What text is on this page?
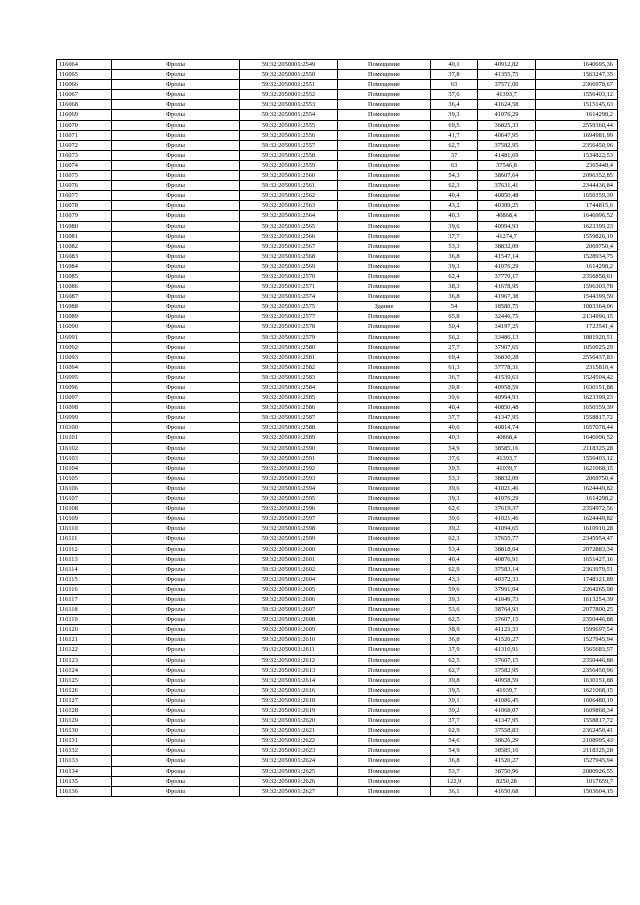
116064	Фролы	59:32:2050001:2549	Помещение	40,1	40912,82	1640695,36
116065	Фролы	59:32:2050001:2550	Помещение	37,8	41355,75	1563247,35
116066	Фролы	59:32:2050001:2551	Помещение	63	37571,00	2366978,67
116067	Фролы	59:32:2050001:2552	Помещение	37,6	41393,7	1556403,12
116068	Фролы	59:32:2050001:2553	Помещение	36,4	41624,58	1515145,63
116069	Фролы	59:32:2050001:2554	Помещение	39,3	41076,29	1614298,2
116070	Фролы	59:32:2050001:2555	Помещение	69,5	36825,33	2559360,44
116071	Фролы	59:32:2050001:2556	Помещение	41,7	40647,95	1694981,99
116072	Фролы	59:32:2050001:2557	Помещение	62,7	37582,95	2356450,96
116073	Фролы	59:32:2050001:2558	Помещение	37	41481,69	1534822,53
116074	Фролы	59:32:2050001:2559	Помещение	63	37546,8	2365448,4
116075	Фролы	59:32:2050001:2560	Помещение	54,3	38607,64	2096352,85
116076	Фролы	59:32:2050001:2561	Помещение	62,3	37631,41	2344436,84
116077	Фролы	59:32:2050001:2562	Помещение	40,4	40850,48	1650359,39
116078	Фролы	59:32:2050001:2563	Помещение	43,2	40389,25	1744815,6
116079	Фролы	59:32:2050001:2564	Помещение	40,3	40868,4	1646996,52
116080	Фролы	59:32:2050001:2565	Помещение	39,6	40994,93	1623399,23
116081	Фролы	59:32:2050001:2566	Помещение	37,7	41274,7	1559826,19
116082	Фролы	59:32:2050001:2567	Помещение	53,3	38832,09	2069750,4
116083	Фролы	59:32:2050001:2568	Помещение	36,8	41547,14	1528934,75
116084	Фролы	59:32:2050001:2569	Помещение	39,3	41076,29	1614298,2
116085	Фролы	59:32:2050001:2570	Помещение	62,4	37770,17	2356858,61
116086	Фролы	59:32:2050001:2571	Помещение	38,3	41678,95	1596303,78
116087	Фролы	59:32:2050001:2574	Помещение	36,8	41967,38	1544399,59
116088	Фролы	59:32:2050001:2575	Здание	54	18580,75	1003364,06
116089	Фролы	59:32:2050001:2577	Помещение	65,8	32446,75	2134996,15
116090	Фролы	59:32:2050001:2578	Помещение	50,4	34197,25	1723541,4
116091	Фролы	59:32:2050001:2579	Помещение	56,2	33486,13	1881920,51
116092	Фролы	59:32:2050001:2580	Помещение	27,7	37907,65	1050025,29
116093	Фролы	59:32:2050001:2581	Помещение	69,4	36836,28	2556437,83
116094	Фролы	59:32:2050001:2582	Помещение	61,3	37778,31	2315810,4
116095	Фролы	59:32:2050001:2583	Помещение	36,7	41539,63	1524504,42
116096	Фролы	59:32:2050001:2584	Помещение	39,8	40958,59	1630151,88
116097	Фролы	59:32:2050001:2585	Помещение	39,6	40994,93	1623399,23
116098	Фролы	59:32:2050001:2586	Помещение	40,4	40850,48	1650359,39
116099	Фролы	59:32:2050001:2587	Помещение	37,7	41347,95	1558817,72
116100	Фролы	59:32:2050001:2588	Помещение	40,6	40814,74	1657078,44
116101	Фролы	59:32:2050001:2589	Помещение	40,3	40868,4	1646996,52
116102	Фролы	59:32:2050001:2590	Помещение	54,9	38585,16	2118325,28
116103	Фролы	59:32:2050001:2591	Помещение	37,6	41393,7	1556403,12
116104	Фролы	59:32:2050001:2592	Помещение	39,5	41039,7	1621068,15
116105	Фролы	59:32:2050001:2593	Помещение	53,3	38832,09	2069750,4
116106	Фролы	59:32:2050001:2594	Помещение	39,6	41021,46	1624449,82
116107	Фролы	59:32:2050001:2595	Помещение	39,3	41076,29	1614298,2
116108	Фролы	59:32:2050001:2596	Помещение	62,6	37619,37	2354972,56
116109	Фролы	59:32:2050001:2597	Помещение	39,6	41021,46	1624449,82
116110	Фролы	59:32:2050001:2598	Помещение	39,2	41094,65	1610910,28
116111	Фролы	59:32:2050001:2599	Помещение	62,3	37655,77	2345954,47
116112	Фролы	59:32:2050001:2600	Помещение	53,4	38818,04	2072883,34
116113	Фролы	59:32:2050001:2601	Помещение	40,4	40876,91	1651427,16
116114	Фролы	59:32:2050001:2602	Помещение	62,9	37583,14	2363979,51
116115	Фролы	59:32:2050001:2604	Помещение	43,3	40372,33	1748121,89
116116	Фролы	59:32:2050001:2605	Помещение	59,6	37991,04	2264265,98
116117	Фролы	59:32:2050001:2606	Помещение	39,3	41049,73	1613254,39
116118	Фролы	59:32:2050001:2607	Помещение	53,6	38764,93	2077800,25
116119	Фролы	59:32:2050001:2608	Помещение	62,5	37607,15	2350446,88
116120	Фролы	59:32:2050001:2609	Помещение	38,9	41123,33	1599697,54
116121	Фролы	59:32:2050001:2610	Помещение	36,8	41520,27	1527945,94
116122	Фролы	59:32:2050001:2611	Помещение	37,9	41310,91	1565683,57
116123	Фролы	59:32:2050001:2612	Помещение	62,5	37607,15	2350446,88
116124	Фролы	59:32:2050001:2613	Помещение	62,7	37582,95	2356450,96
116125	Фролы	59:32:2050001:2614	Помещение	39,8	40958,59	1630151,88
116126	Фролы	59:32:2050001:2616	Помещение	39,5	41039,7	1621068,15
116127	Фролы	59:32:2050001:2618	Помещение	39,1	41086,45	1606480,19
116128	Фролы	59:32:2050001:2619	Помещение	39,2	41068,07	1609868,34
116129	Фролы	59:32:2050001:2620	Помещение	37,7	41347,95	1558817,72
116130	Фролы	59:32:2050001:2621	Помещение	62,9	37558,83	2362450,41
116131	Фролы	59:32:2050001:2622	Помещение	54,6	38626,29	2108995,43
116132	Фролы	59:32:2050001:2623	Помещение	54,9	38585,16	2118325,28
116133	Фролы	59:32:2050001:2624	Помещение	36,8	41520,27	1527945,94
116134	Фролы	59:32:2050001:2625	Помещение	53,7	38750,96	2080926,55
116135	Фролы	59:32:2050001:2626	Помещение	122,9	8250,28	1017659,7
116136	Фролы	59:32:2050001:2627	Помещение	36,1	41650,68	1503604,15
